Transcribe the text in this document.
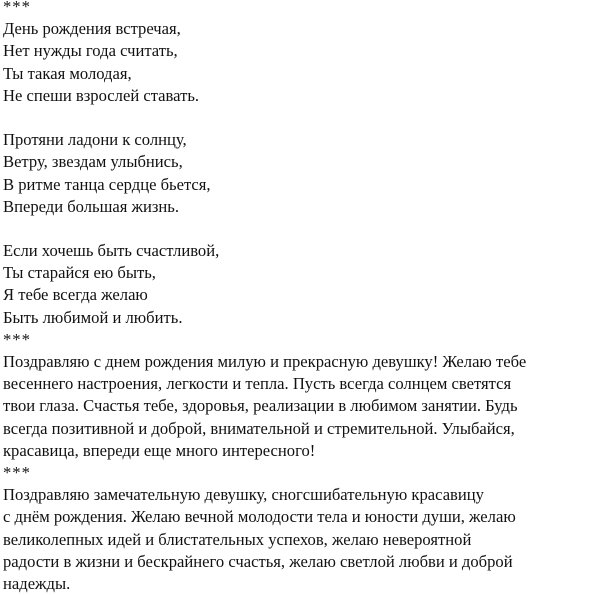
***
День рождения встречая,
Нет нужды года считать,
Ты такая молодая,
Не спеши взрослей ставать.
Протяни ладони к солнцу,
Ветру, звездам улыбнись,
В ритме танца сердце бьется,
Впереди большая жизнь.
Если хочешь быть счастливой,
Ты старайся ею быть,
Я тебе всегда желаю
Быть любимой и любить.
***
Поздравляю с днем рождения милую и прекрасную девушку! Желаю тебе
весеннего настроения, легкости и тепла. Пусть всегда солнцем светятся
твои глаза. Счастья тебе, здоровья, реализации в любимом занятии. Будь
всегда позитивной и доброй, внимательной и стремительной. Улыбайся,
красавица, впереди еще много интересного!
***
Поздравляю замечательную девушку, сногсшибательную красавицу
с днём рождения. Желаю вечной молодости тела и юности души, желаю
великолепных идей и блистательных успехов, желаю невероятной
радости в жизни и бескрайнего счастья, желаю светлой любви и доброй
надежды.
